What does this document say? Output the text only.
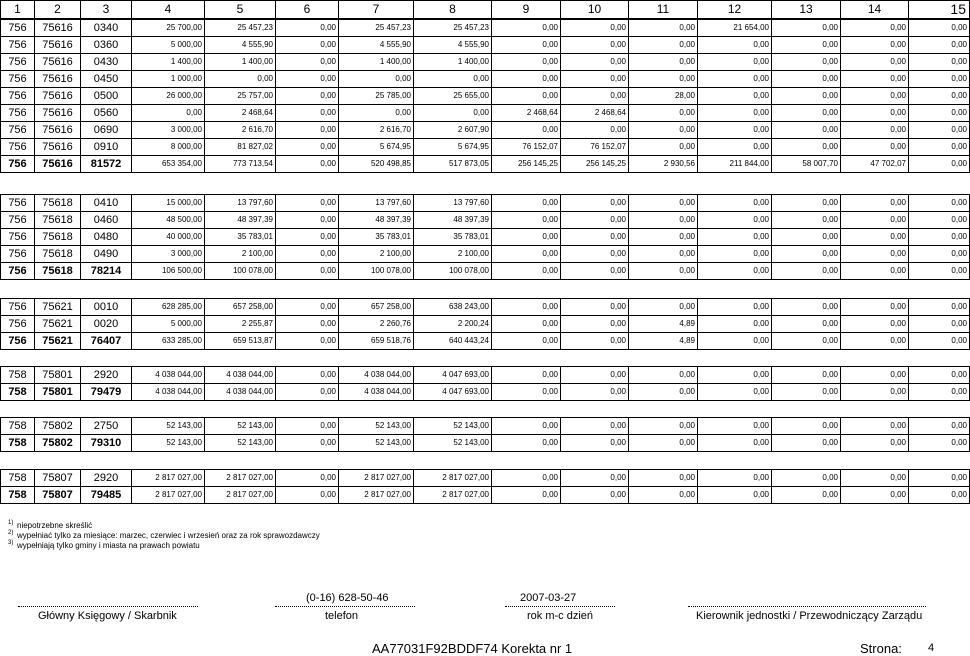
1	2	3	4	5	6	7	8	9	10	11	12	13	14	15
756	75616	0340	25 700,00	25 457,23	0,00	25 457,23	25 457,23	0,00	0,00	0,00	21 654,00	0,00	0,00	0,00
756	75616	0360	5 000,00	4 555,90	0,00	4 555,90	4 555,90	0,00	0,00	0,00	0,00	0,00	0,00	0,00
756	75616	0430	1 400,00	1 400,00	0,00	1 400,00	1 400,00	0,00	0,00	0,00	0,00	0,00	0,00	0,00
756	75616	0450	1 000,00	0,00	0,00	0,00	0,00	0,00	0,00	0,00	0,00	0,00	0,00	0,00
756	75616	0500	26 000,00	25 757,00	0,00	25 785,00	25 655,00	0,00	0,00	28,00	0,00	0,00	0,00	0,00
756	75616	0560	0,00	2 468,64	0,00	0,00	0,00	2 468,64	2 468,64	0,00	0,00	0,00	0,00	0,00
756	75616	0690	3 000,00	2 616,70	0,00	2 616,70	2 607,90	0,00	0,00	0,00	0,00	0,00	0,00	0,00
756	75616	0910	8 000,00	81 827,02	0,00	5 674,95	5 674,95	76 152,07	76 152,07	0,00	0,00	0,00	0,00	0,00
756	75616	81572	653 354,00	773 713,54	0,00	520 498,85	517 873,05	256 145,25	256 145,25	2 930,56	211 844,00	58 007,70	47 702,07	0,00
756	75618	0410	15 000,00	13 797,60	0,00	13 797,60	13 797,60	0,00	0,00	0,00	0,00	0,00	0,00	0,00
756	75618	0460	48 500,00	48 397,39	0,00	48 397,39	48 397,39	0,00	0,00	0,00	0,00	0,00	0,00	0,00
756	75618	0480	40 000,00	35 783,01	0,00	35 783,01	35 783,01	0,00	0,00	0,00	0,00	0,00	0,00	0,00
756	75618	0490	3 000,00	2 100,00	0,00	2 100,00	2 100,00	0,00	0,00	0,00	0,00	0,00	0,00	0,00
756	75618	78214	106 500,00	100 078,00	0,00	100 078,00	100 078,00	0,00	0,00	0,00	0,00	0,00	0,00	0,00
756	75621	0010	628 285,00	657 258,00	0,00	657 258,00	638 243,00	0,00	0,00	0,00	0,00	0,00	0,00	0,00
756	75621	0020	5 000,00	2 255,87	0,00	2 260,76	2 200,24	0,00	0,00	4,89	0,00	0,00	0,00	0,00
756	75621	76407	633 285,00	659 513,87	0,00	659 518,76	640 443,24	0,00	0,00	4,89	0,00	0,00	0,00	0,00
758	75801	2920	4 038 044,00	4 038 044,00	0,00	4 038 044,00	4 047 693,00	0,00	0,00	0,00	0,00	0,00	0,00	0,00
758	75801	79479	4 038 044,00	4 038 044,00	0,00	4 038 044,00	4 047 693,00	0,00	0,00	0,00	0,00	0,00	0,00	0,00
758	75802	2750	52 143,00	52 143,00	0,00	52 143,00	52 143,00	0,00	0,00	0,00	0,00	0,00	0,00	0,00
758	75802	79310	52 143,00	52 143,00	0,00	52 143,00	52 143,00	0,00	0,00	0,00	0,00	0,00	0,00	0,00
758	75807	2920	2 817 027,00	2 817 027,00	0,00	2 817 027,00	2 817 027,00	0,00	0,00	0,00	0,00	0,00	0,00	0,00
758	75807	79485	2 817 027,00	2 817 027,00	0,00	2 817 027,00	2 817 027,00	0,00	0,00	0,00	0,00	0,00	0,00	0,00
1) niepotrzebne skreślić
2) wypełniać tylko za miesiące: marzec, czerwiec i wrzesień oraz za rok sprawozdawczy
3) wypełniają tylko gminy i miasta na prawach powiatu
(0-16) 628-50-46	2007-03-27
Główny Księgowy / Skarbnik	telefon	rok m-c dzień	Kierownik jednostki / Przewodniczący Zarządu
AA77031F92BDDF74 Korekta nr 1	Strona: 4
